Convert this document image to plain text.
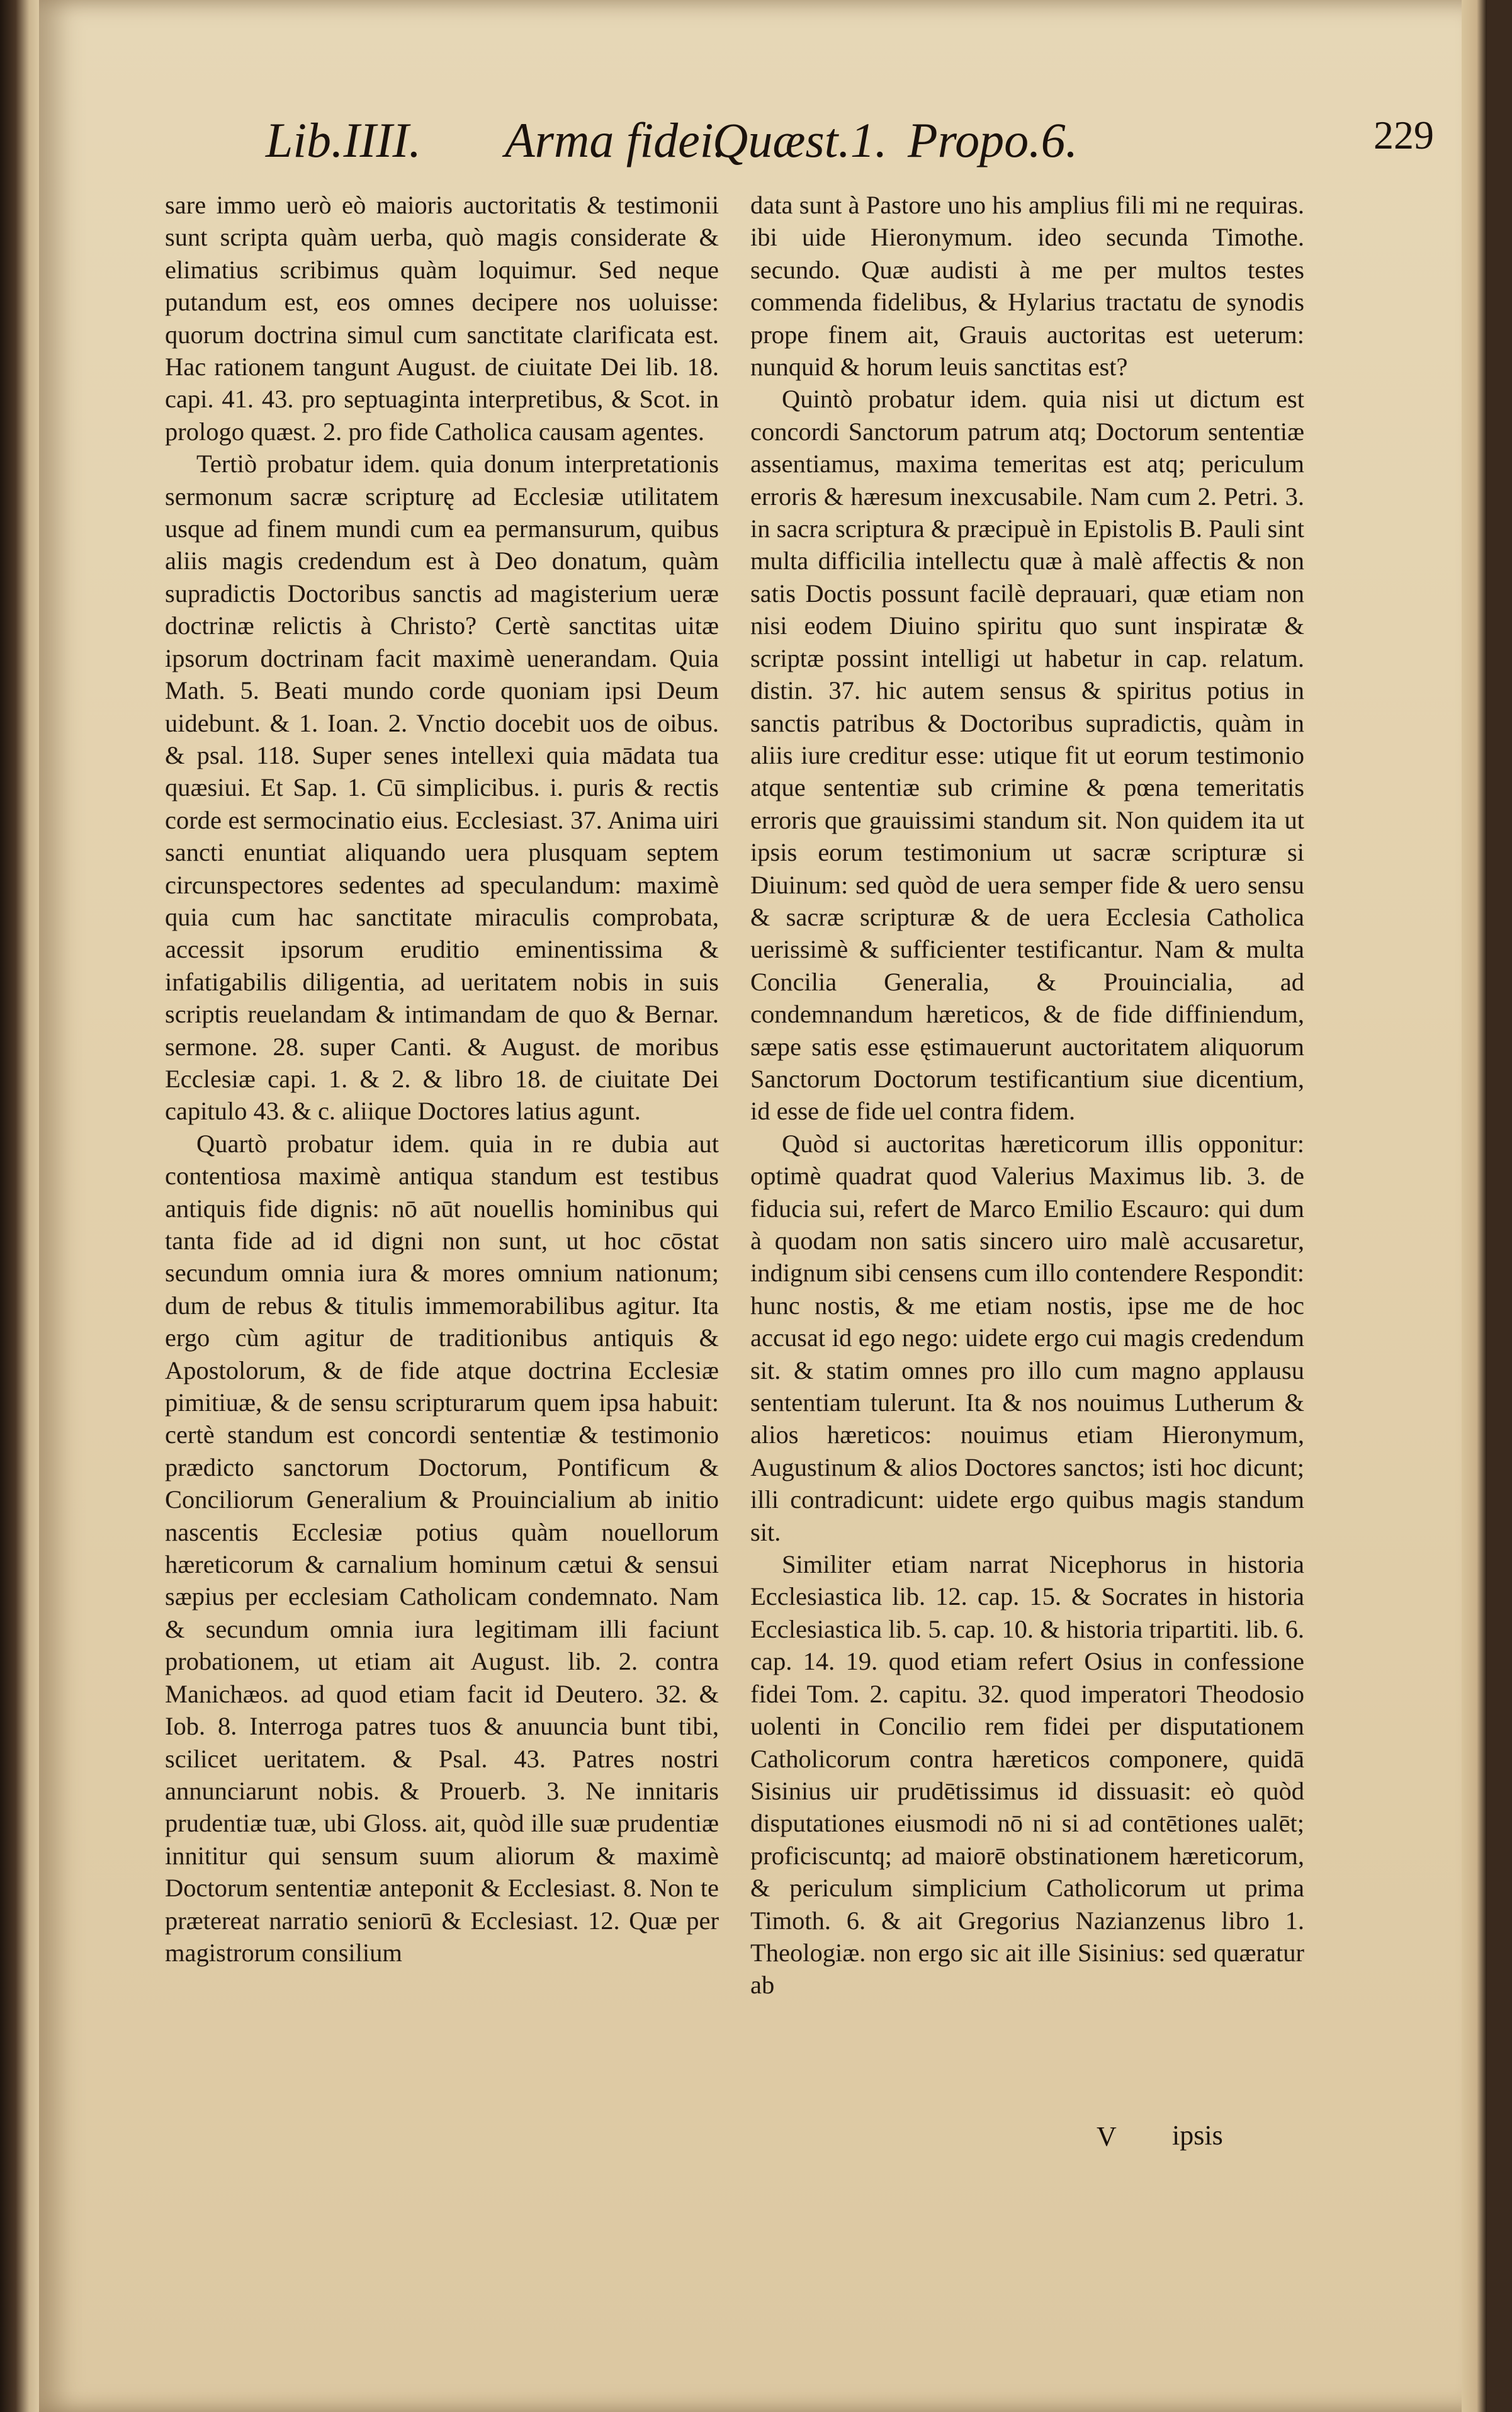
Lib.IIII. Arma fidei.
Quæst.1. Propo.6.	229

sare immo uerò eò maioris auctoritatis & testimonii sunt scripta quàm uerba, quò magis considerate & elimatius scribimus quàm loquimur. Sed neque putandum est, eos omnes decipere nos uoluisse: quorum doctrina simul cum sanctitate clarificata est. Hac rationem tangunt August. de ciuitate Dei lib. 18. capi. 41. 43. pro septuaginta interpretibus, & Scot. in prologo quæst. 2. pro fide Catholica causam agentes.

Tertiò probatur idem. quia donum interpretationis sermonum sacræ scripturę ad Ecclesiæ utilitatem usque ad finem mundi cum ea permansurum, quibus aliis magis credendum est à Deo donatum, quàm supradictis Doctoribus sanctis ad magisterium ueræ doctrinæ relictis à Christo? Certè sanctitas uitæ ipsorum doctrinam facit maximè uenerandam. Quia Math. 5. Beati mundo corde quoniam ipsi Deum uidebunt. & 1. Ioan. 2. Vnctio docebit uos de oibus. & psal. 118. Super senes intellexi quia mādata tua quæsiui. Et Sap. 1. Cū simplicibus. i. puris & rectis corde est sermocinatio eius. Ecclesiast. 37. Anima uiri sancti enuntiat aliquando uera plusquam septem circunspectores sedentes ad speculandum: maximè quia cum hac sanctitate miraculis comprobata, accessit ipsorum eruditio eminentissima & infatigabilis diligentia, ad ueritatem nobis in suis scriptis reuelandam & intimandam de quo & Bernar. sermone. 28. super Canti. & August. de moribus Ecclesiæ capi. 1. & 2. & libro 18. de ciuitate Dei capitulo 43. & c. aliique Doctores latius agunt.

Quartò probatur idem. quia in re dubia aut contentiosa maximè antiqua standum est testibus antiquis fide dignis: nō aūt nouellis hominibus qui tanta fide ad id digni non sunt, ut hoc cōstat secundum omnia iura & mores omnium nationum; dum de rebus & titulis immemorabilibus agitur. Ita ergo cùm agitur de traditionibus antiquis & Apostolorum, & de fide atque doctrina Ecclesiæ pimitiuæ, & de sensu scripturarum quem ipsa habuit: certè standum est concordi sententiæ & testimonio prædicto sanctorum Doctorum, Pontificum & Conciliorum Generalium & Prouincialium ab initio nascentis Ecclesiæ potius quàm nouellorum hæreticorum & carnalium hominum cætui & sensui sæpius per ecclesiam Catholicam condemnato. Nam & secundum omnia iura legitimam illi faciunt probationem, ut etiam ait August. lib. 2. contra Manichæos. ad quod etiam facit id Deutero. 32. & Iob. 8. Interroga patres tuos & anuuncia bunt tibi, scilicet ueritatem. & Psal. 43. Patres nostri annunciarunt nobis. & Prouerb. 3. Ne innitaris prudentiæ tuæ, ubi Gloss. ait, quòd ille suæ prudentiæ innititur qui sensum suum aliorum & maximè Doctorum sententiæ anteponit & Ecclesiast. 8. Non te prætereat narratio seniorū & Ecclesiast. 12. Quæ per magistrorum consilium

data sunt à Pastore uno his amplius fili mi ne requiras. ibi uide Hieronymum. ideo secunda Timothe. secundo. Quæ audisti à me per multos testes commenda fidelibus, & Hylarius tractatu de synodis prope finem ait, Grauis auctoritas est ueterum: nunquid & horum leuis sanctitas est?

Quintò probatur idem. quia nisi ut dictum est concordi Sanctorum patrum atq; Doctorum sententiæ assentiamus, maxima temeritas est atq; periculum erroris & hæresum inexcusabile. Nam cum 2. Petri. 3. in sacra scriptura & præcipuè in Epistolis B. Pauli sint multa difficilia intellectu quæ à malè affectis & non satis Doctis possunt facilè deprauari, quæ etiam non nisi eodem Diuino spiritu quo sunt inspiratæ & scriptæ possint intelligi ut habetur in cap. relatum. distin. 37. hic autem sensus & spiritus potius in sanctis patribus & Doctoribus supradictis, quàm in aliis iure creditur esse: utique fit ut eorum testimonio atque sententiæ sub crimine & pœna temeritatis erroris que grauissimi standum sit. Non quidem ita ut ipsis eorum testimonium ut sacræ scripturæ si Diuinum: sed quòd de uera semper fide & uero sensu & sacræ scripturæ & de uera Ecclesia Catholica uerissimè & sufficienter testificantur. Nam & multa Concilia Generalia, & Prouincialia, ad condemnandum hæreticos, & de fide diffiniendum, sæpe satis esse ęstimauerunt auctoritatem aliquorum Sanctorum Doctorum testificantium siue dicentium, id esse de fide uel contra fidem.

Quòd si auctoritas hæreticorum illis opponitur: optimè quadrat quod Valerius Maximus lib. 3. de fiducia sui, refert de Marco Emilio Escauro: qui dum à quodam non satis sincero uiro malè accusaretur, indignum sibi censens cum illo contendere Respondit: hunc nostis, & me etiam nostis, ipse me de hoc accusat id ego nego: uidete ergo cui magis credendum sit. & statim omnes pro illo cum magno applausu sententiam tulerunt. Ita & nos nouimus Lutherum & alios hæreticos: nouimus etiam Hieronymum, Augustinum & alios Doctores sanctos; isti hoc dicunt; illi contradicunt: uidete ergo quibus magis standum sit.

Similiter etiam narrat Nicephorus in historia Ecclesiastica lib. 12. cap. 15. & Socrates in historia Ecclesiastica lib. 5. cap. 10. & historia tripartiti. lib. 6. cap. 14. 19. quod etiam refert Osius in confessione fidei Tom. 2. capitu. 32. quod imperatori Theodosio uolenti in Concilio rem fidei per disputationem Catholicorum contra hæreticos componere, quidā Sisinius uir prudētissimus id dissuasit: eò quòd disputationes eiusmodi nō ni si ad contētiones ualēt; proficiscuntq; ad maiorē obstinationem hæreticorum, & periculum simplicium Catholicorum ut prima Timoth. 6. & ait Gregorius Nazianzenus libro 1. Theologiæ. non ergo sic ait ille Sisinius: sed quæratur ab

V ipsis
